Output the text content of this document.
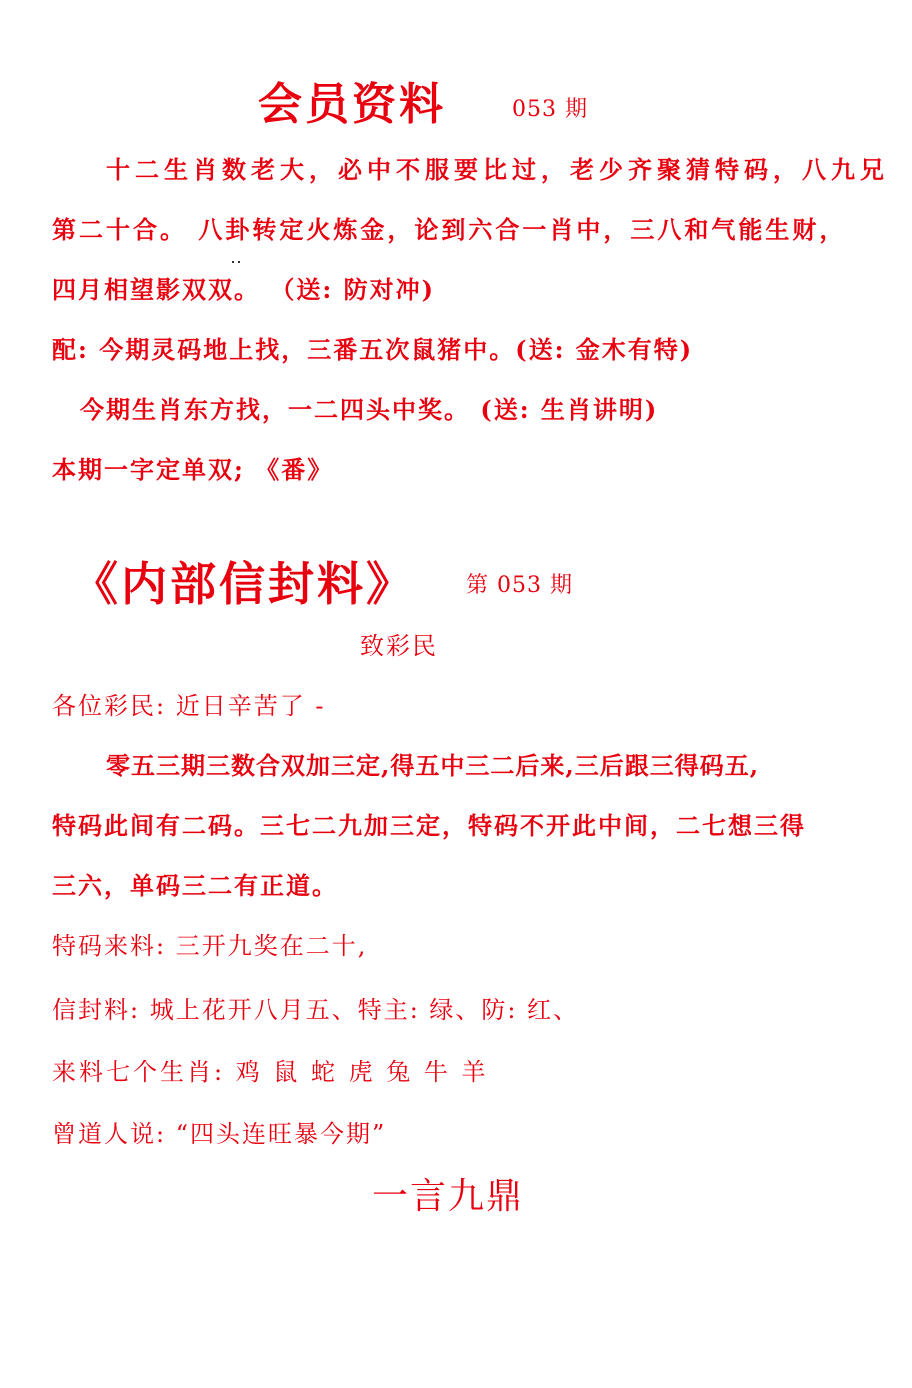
会员资料	053 期
十二生肖数老大，必中不服要比过，老少齐聚猜特码，八九兄
第二十合。 八卦转定火炼金，论到六合一肖中，三八和气能生财，
四月相望影双双。 （送: 防对冲)
配: 今期灵码地上找，三番五次鼠猪中。(送: 金木有特)
今期生肖东方找，一二四头中奖。 (送: 生肖讲明)
本期一字定单双; 《番》
《内部信封料》 第 053 期
致彩民
各位彩民: 近日辛苦了 -
零五三期三数合双加三定,得五中三二后来,三后跟三得码五,
特码此间有二码。三七二九加三定，特码不开此中间，二七想三得
三六，单码三二有正道。
特码来料: 三开九奖在二十,
信封料: 城上花开八月五、特主: 绿、防: 红、
来料七个生肖: 鸡 鼠 蛇 虎 兔 牛 羊
曾道人说: “四头连旺暴今期”
一言九鼎
